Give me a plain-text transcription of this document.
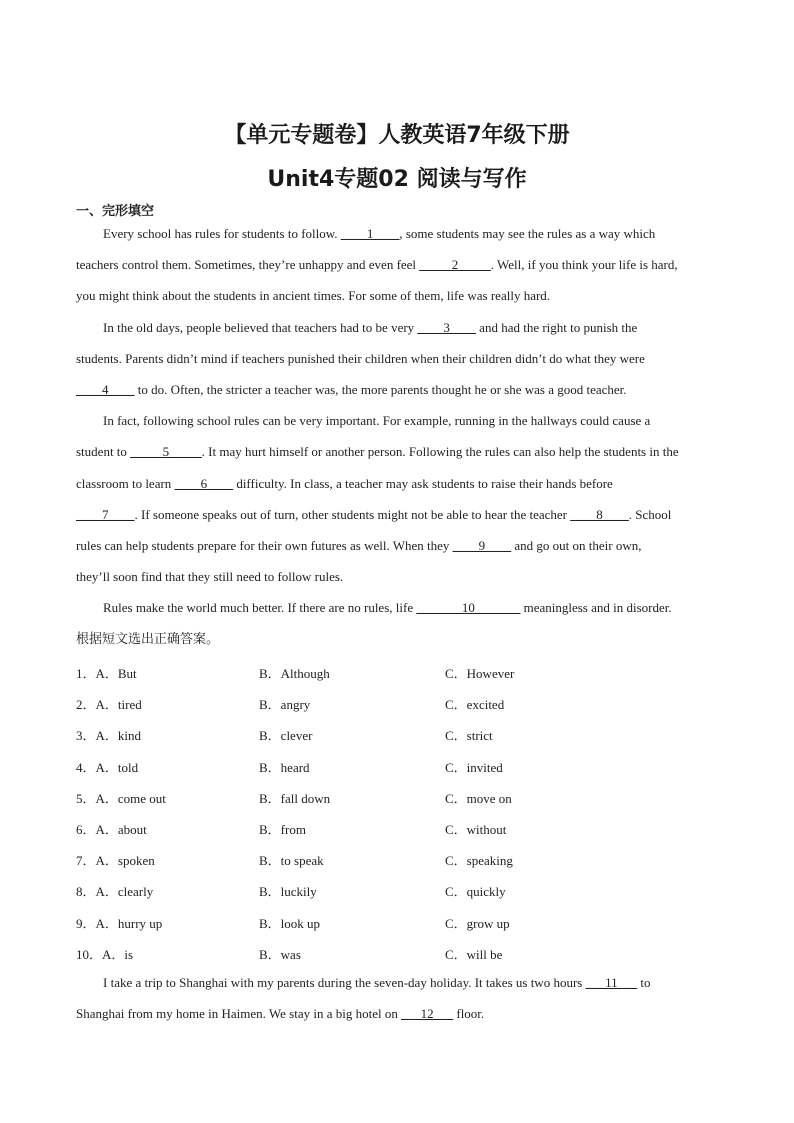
【单元专题卷】人教英语7年级下册
Unit4专题02 阅读与写作
一、完形填空
Every school has rules for students to follow. ____1____, some students may see the rules as a way which
teachers control them. Sometimes, they’re unhappy and even feel _____2_____. Well, if you think your life is hard,
you might think about the students in ancient times. For some of them, life was really hard.
In the old days, people believed that teachers had to be very ____3____ and had the right to punish the
students. Parents didn’t mind if teachers punished their children when their children didn’t do what they were
____4____ to do. Often, the stricter a teacher was, the more parents thought he or she was a good teacher.
In fact, following school rules can be very important. For example, running in the hallways could cause a
student to _____5_____. It may hurt himself or another person. Following the rules can also help the students in the
classroom to learn ____6____ difficulty. In class, a teacher may ask students to raise their hands before
____7____. If someone speaks out of turn, other students might not be able to hear the teacher ____8____. School
rules can help students prepare for their own futures as well. When they ____9____ and go out on their own,
they’ll soon find that they still need to follow rules.
Rules make the world much better. If there are no rules, life _______10_______ meaningless and in disorder.
根据短文选出正确答案。
1．A．But	B．Although	C．However
2．A．tired	B．angry	C．excited
3．A．kind	B．clever	C．strict
4．A．told	B．heard	C．invited
5．A．come out	B．fall down	C．move on
6．A．about	B．from	C．without
7．A．spoken	B．to speak	C．speaking
8．A．clearly	B．luckily	C．quickly
9．A．hurry up	B．look up	C．grow up
10．A．is	B．was	C．will be
I take a trip to Shanghai with my parents during the seven-day holiday. It takes us two hours ___11___ to
Shanghai from my home in Haimen. We stay in a big hotel on ___12___ floor.
